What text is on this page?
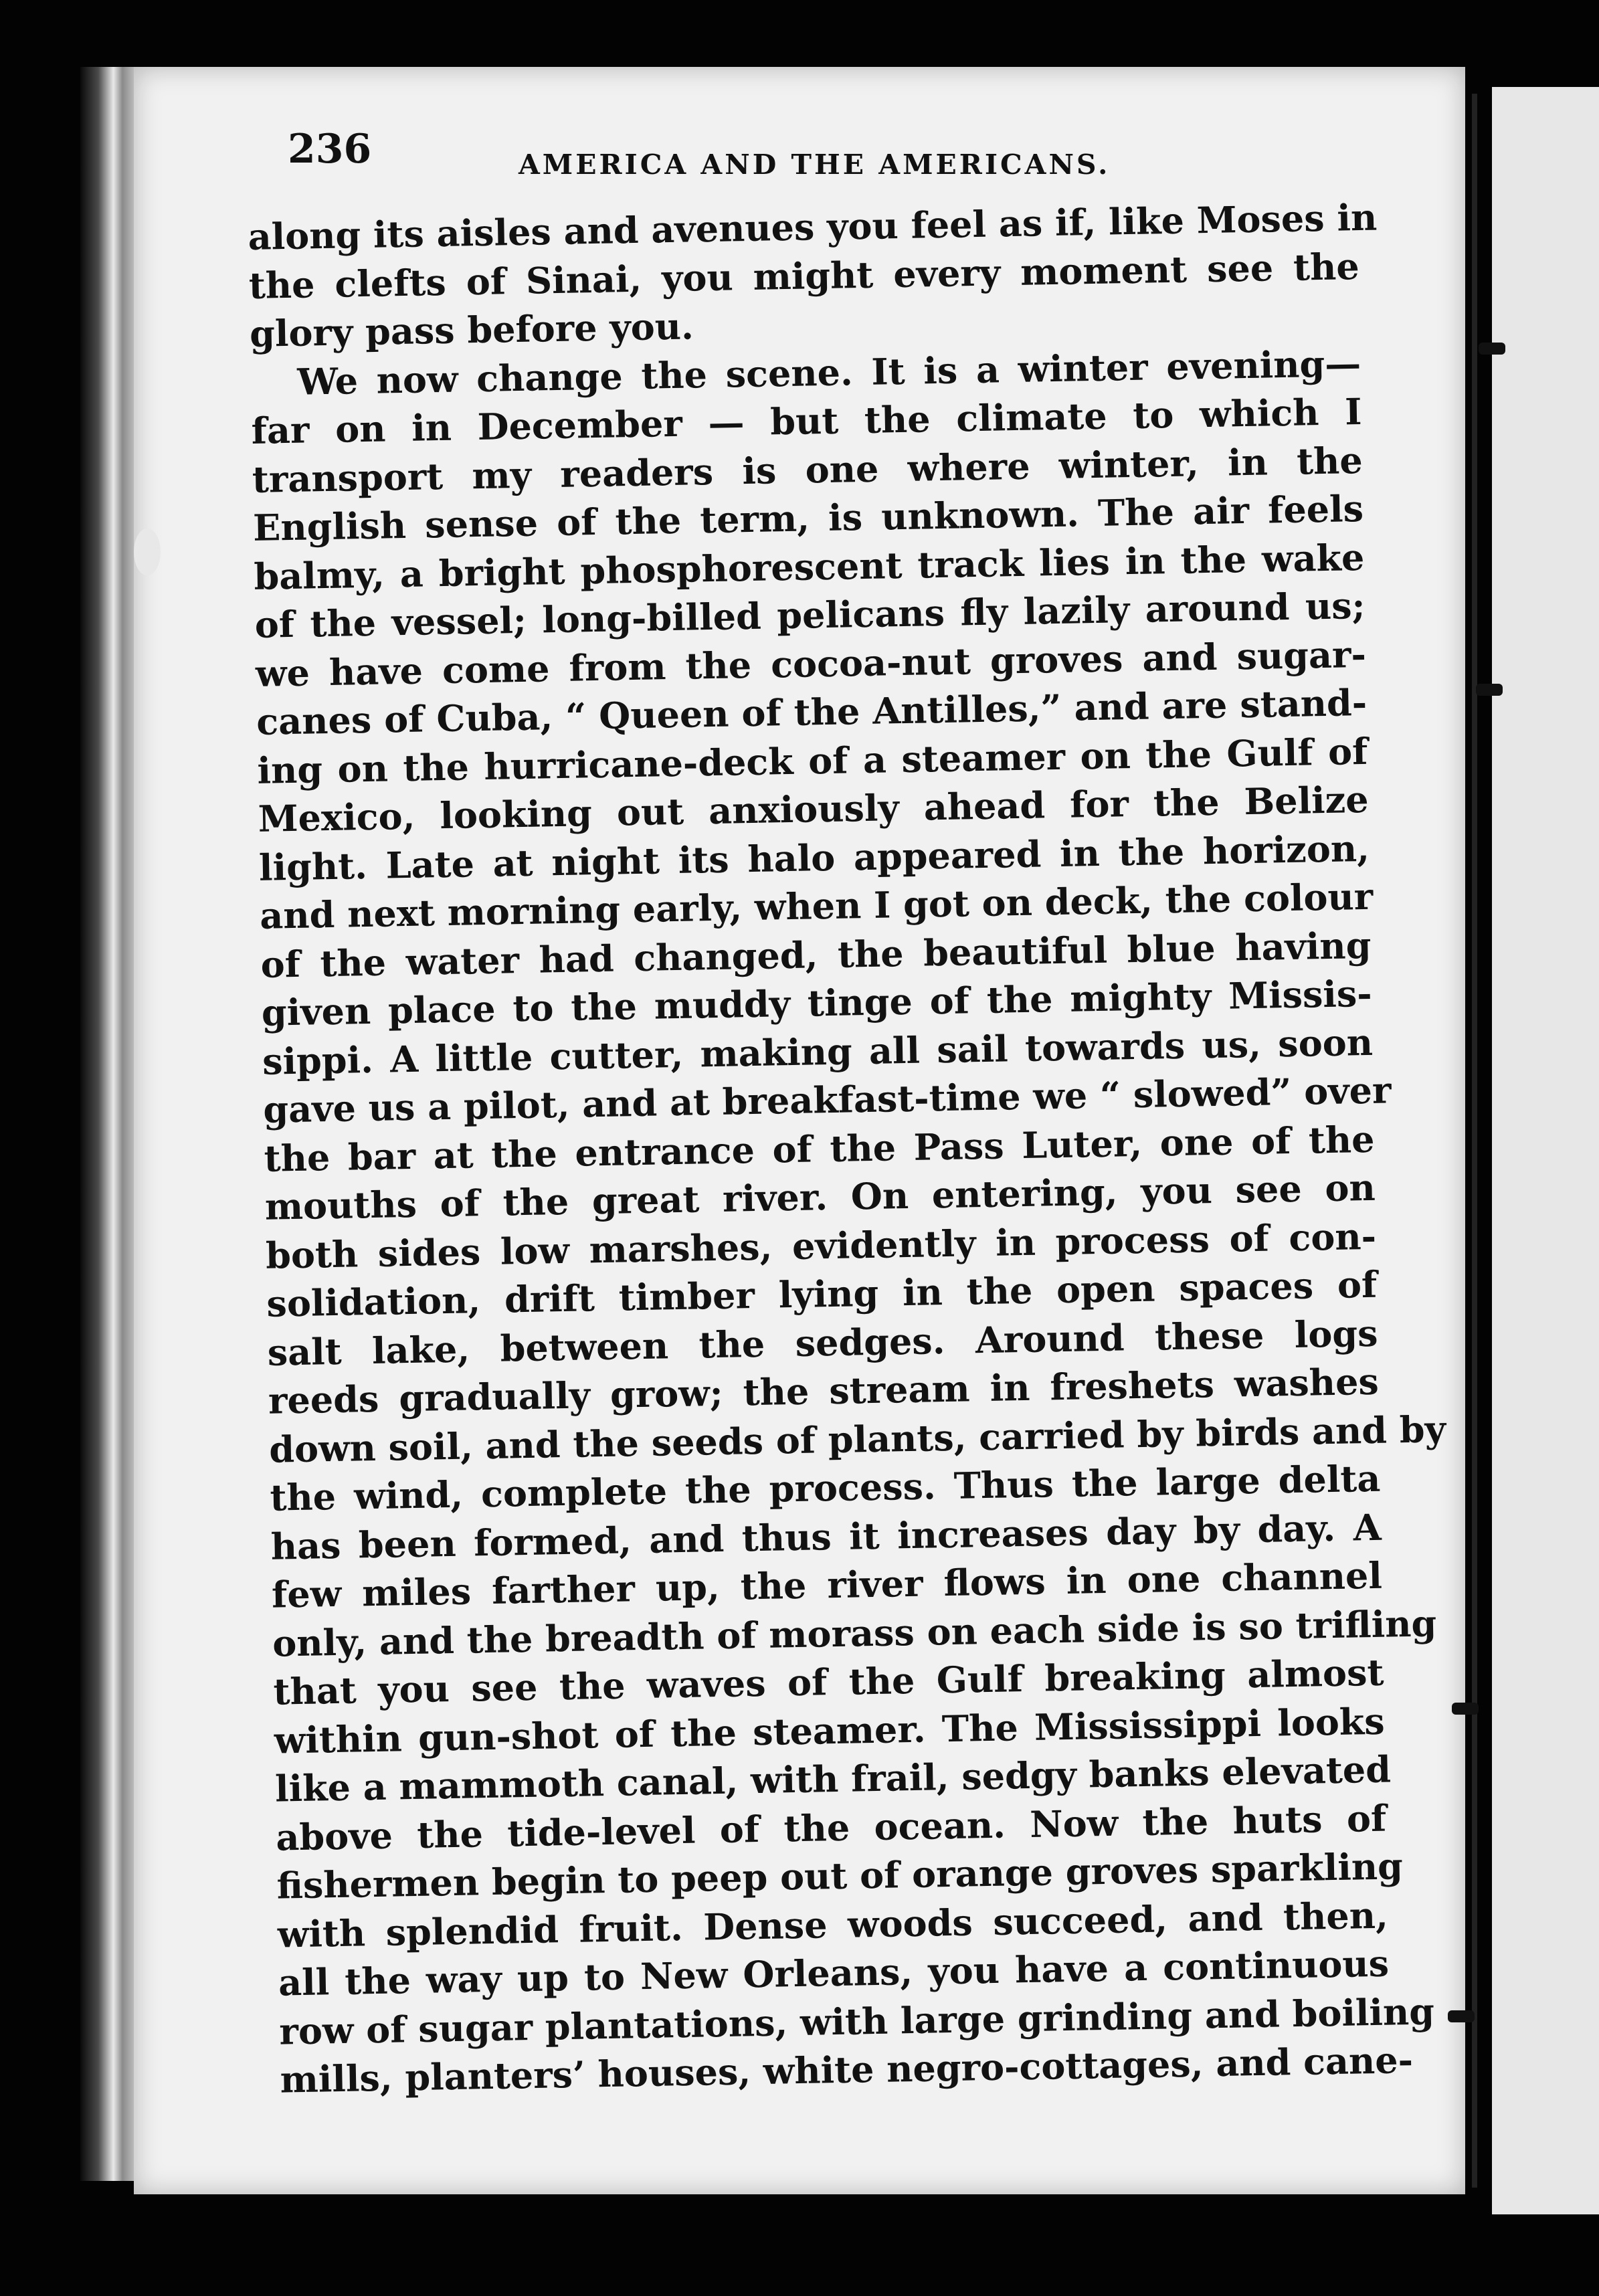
236	AMERICA AND THE AMERICANS.
along its aisles and avenues you feel as if, like Moses in
the clefts of Sinai, you might every moment see the
glory pass before you.
We now change the scene. It is a winter evening—
far on in December — but the climate to which I
transport my readers is one where winter, in the
English sense of the term, is unknown. The air feels
balmy, a bright phosphorescent track lies in the wake
of the vessel; long-billed pelicans fly lazily around us;
we have come from the cocoa-nut groves and sugar-
canes of Cuba, “ Queen of the Antilles,” and are stand-
ing on the hurricane-deck of a steamer on the Gulf of
Mexico, looking out anxiously ahead for the Belize
light. Late at night its halo appeared in the horizon,
and next morning early, when I got on deck, the colour
of the water had changed, the beautiful blue having
given place to the muddy tinge of the mighty Missis-
sippi. A little cutter, making all sail towards us, soon
gave us a pilot, and at breakfast-time we “ slowed” over
the bar at the entrance of the Pass Luter, one of the
mouths of the great river. On entering, you see on
both sides low marshes, evidently in process of con-
solidation, drift timber lying in the open spaces of
salt lake, between the sedges. Around these logs
reeds gradually grow; the stream in freshets washes
down soil, and the seeds of plants, carried by birds and by
the wind, complete the process. Thus the large delta
has been formed, and thus it increases day by day. A
few miles farther up, the river flows in one channel
only, and the breadth of morass on each side is so trifling
that you see the waves of the Gulf breaking almost
within gun-shot of the steamer. The Mississippi looks
like a mammoth canal, with frail, sedgy banks elevated
above the tide-level of the ocean. Now the huts of
fishermen begin to peep out of orange groves sparkling
with splendid fruit. Dense woods succeed, and then,
all the way up to New Orleans, you have a continuous
row of sugar plantations, with large grinding and boiling
mills, planters’ houses, white negro-cottages, and cane-
